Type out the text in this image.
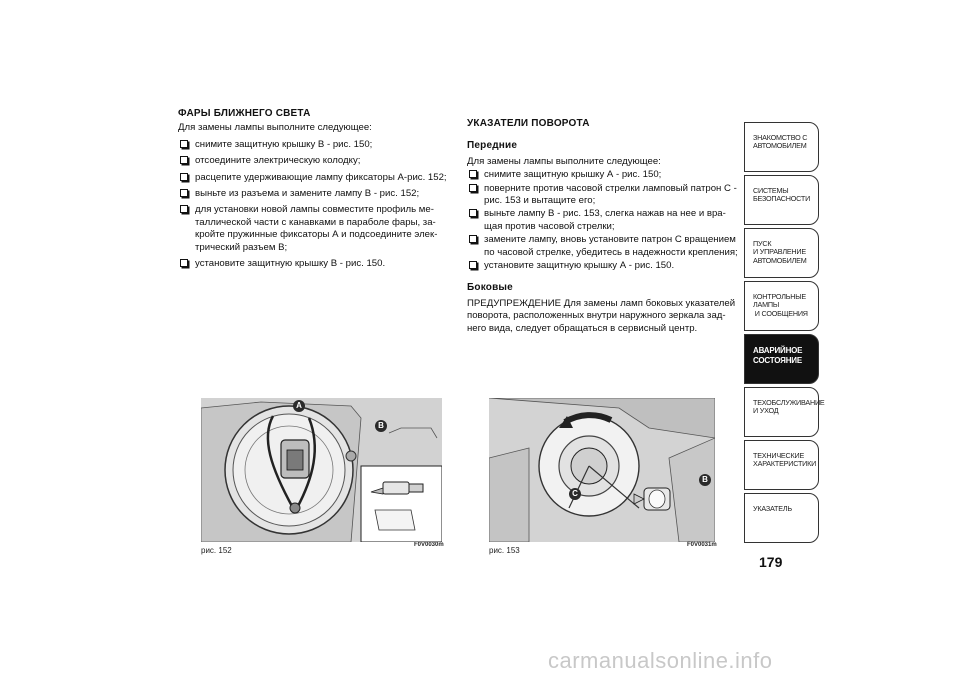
ФАРЫ БЛИЖНЕГО СВЕТА

Для замены лампы выполните следующее:

снимите защитную крышку В - рис. 150;
отсоедините электрическую колодку;
расцепите удерживающие лампу фиксаторы А-рис. 152;
выньте из разъема и замените лампу В - рис. 152;
для установки новой лампы совместите профиль ме-таллической части с канавками в параболе фары, за-кройте пружинные фиксаторы А и подсоедините элек-трический разъем В;
установите защитную крышку В - рис. 150.
УКАЗАТЕЛИ ПОВОРОТА
Передние

Для замены лампы выполните следующее:

снимите защитную крышку А - рис. 150;
поверните против часовой стрелки ламповый патрон С - рис. 153 и вытащите его;
выньте лампу В - рис. 153, слегка нажав на нее и вра-щая против часовой стрелки;
замените лампу, вновь установите патрон С вращением по часовой стрелке, убедитесь в надежности крепления;
установите защитную крышку А - рис. 150.
Боковые

ПРЕДУПРЕЖДЕНИЕ Для замены ламп боковых указателей поворота, расположенных внутри наружного зеркала зад-него вида, следует обращаться в сервисный центр.

A
B
рис. 152
F0V0030m
B
C
рис. 153
F0V0031m
ЗНАКОМСТВО С
АВТОМОБИЛЕМ
СИСТЕМЫ
БЕЗОПАСНОСТИ
ПУСК
И УПРАВЛЕНИЕ
АВТОМОБИЛЕМ
КОНТРОЛЬНЫЕ
ЛАМПЫ
И СООБЩЕНИЯ
АВАРИЙНОЕ
СОСТОЯНИЕ
ТЕХОБСЛУЖИВАНИЕ
И УХОД
ТЕХНИЧЕСКИЕ
ХАРАКТЕРИСТИКИ
УКАЗАТЕЛЬ
179
carmanualsonline.info
